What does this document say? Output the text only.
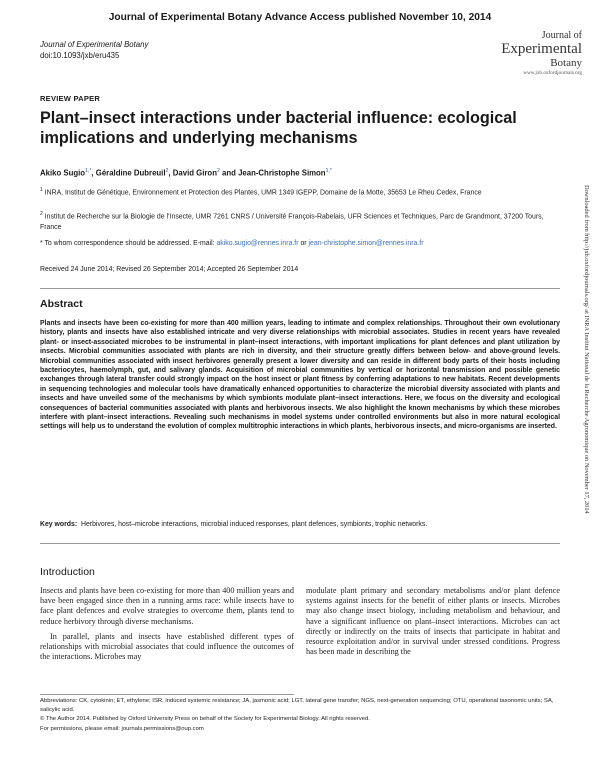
Journal of Experimental Botany Advance Access published November 10, 2014
Journal of Experimental Botany
doi:10.1093/jxb/eru435
Journal of
Experimental
Botany
www.jxb.oxfordjournals.org
REVIEW PAPER
Plant–insect interactions under bacterial influence: ecological implications and underlying mechanisms
Akiko Sugio$^{1,*}$, Géraldine Dubreuil$^2$, David Giron$^2$ and Jean-Christophe Simon$^{1,*}$
$^1$ INRA, Institut de Génétique, Environnement et Protection des Plantes, UMR 1349 IGEPP, Domaine de la Motte, 35653 Le Rheu Cedex, France
$^2$ Institut de Recherche sur la Biologie de l’Insecte, UMR 7261 CNRS / Université François-Rabelais, UFR Sciences et Techniques, Parc de Grandmont, 37200 Tours, France
* To whom correspondence should be addressed. E-mail: akiko.sugio@rennes.inra.fr or jean-christophe.simon@rennes.inra.fr
Received 24 June 2014; Revised 26 September 2014; Accepted 26 September 2014
Abstract
Plants and insects have been co-existing for more than 400 million years, leading to intimate and complex relationships. Throughout their own evolutionary history, plants and insects have also established intricate and very diverse relationships with microbial associates. Studies in recent years have revealed plant- or insect-associated microbes to be instrumental in plant–insect interactions, with important implications for plant defences and plant utilization by insects. Microbial communities associated with plants are rich in diversity, and their structure greatly differs between below- and above-ground levels. Microbial communities associated with insect herbivores generally present a lower diversity and can reside in different body parts of their hosts including bacteriocytes, haemolymph, gut, and salivary glands. Acquisition of microbial communities by vertical or horizontal transmission and possible genetic exchanges through lateral transfer could strongly impact on the host insect or plant fitness by conferring adaptations to new habitats. Recent developments in sequencing technologies and molecular tools have dramatically enhanced opportunities to characterize the microbial diversity associated with plants and insects and have unveiled some of the mechanisms by which symbionts modulate plant–insect interactions. Here, we focus on the diversity and ecological consequences of bacterial communities associated with plants and herbivorous insects. We also highlight the known mechanisms by which these microbes interfere with plant–insect interactions. Revealing such mechanisms in model systems under controlled environments but also in more natural ecological settings will help us to understand the evolution of complex multitrophic interactions in which plants, herbivorous insects, and micro-organisms are inserted.
Key words: Herbivores, host–microbe interactions, microbial induced responses, plant defences, symbionts, trophic networks.
Introduction

Insects and plants have been co-existing for more than 400 million years and have been engaged since then in a running arms race: while insects have to face plant defences and evolve strategies to overcome them, plants tend to reduce herbivory through diverse mechanisms.

In parallel, plants and insects have established different types of relationships with microbial associates that could influence the outcomes of the interactions. Microbes may

modulate plant primary and secondary metabolisms and/or plant defence systems against insects for the benefit of either plants or insects. Microbes may also change insect biology, including metabolism and behaviour, and have a significant influence on plant–insect interactions. Microbes can act directly or indirectly on the traits of insects that participate in habitat and resource exploitation and/or in survival under stressed conditions. Progress has been made in describing the

Abbreviations: CK, cytokinin; ET, ethylene; ISR, induced systemic resistance; JA, jasmonic acid; LGT, lateral gene transfer; NGS, next-generation sequencing; OTU, operational taxonomic units; SA, salicylic acid.
© The Author 2014. Published by Oxford University Press on behalf of the Society for Experimental Biology. All rights reserved.
For permissions, please email: journals.permissions@oup.com
Downloaded from http://jxb.oxfordjournals.org/ at INRA Institut National de la Recherche Agronomique on November 17, 2014
